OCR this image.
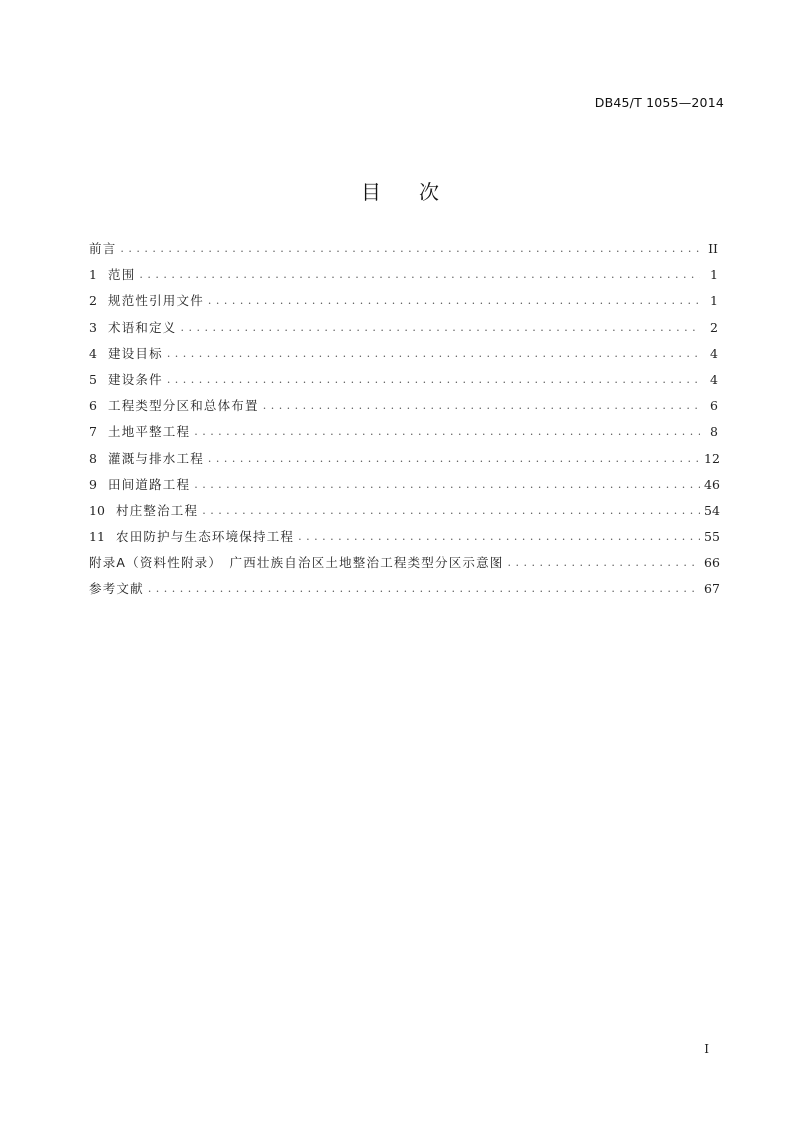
DB45/T 1055—2014
目 次
前言 . . .	II
1 范围 . . .	1
2 规范性引用文件 . . .	1
3 术语和定义 . . .	2
4 建设目标 . . .	4
5 建设条件 . . .	4
6 工程类型分区和总体布置 . . .	6
7 土地平整工程 . . .	8
8 灌溉与排水工程 . . .	12
9 田间道路工程 . . .	46
10 村庄整治工程 . . .	54
11 农田防护与生态环境保持工程 . . .	55
附录A（资料性附录）　广西壮族自治区土地整治工程类型分区示意图 . . .	66
参考文献 . . .	67
I
